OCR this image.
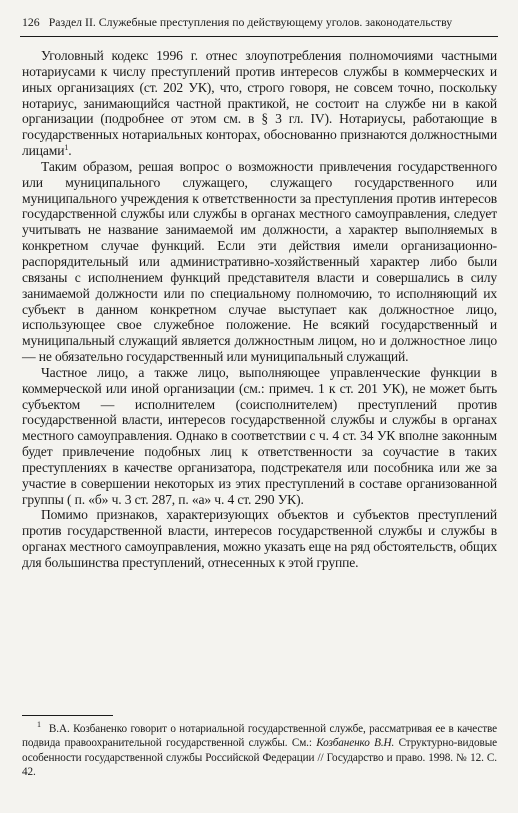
126 Раздел II. Служебные преступления по действующему уголов. законодательству

Уголовный кодекс 1996 г. отнес злоупотребления полномочиями частными нотариусами к числу преступлений против интересов службы в коммерческих и иных организациях (ст. 202 УК), что, строго говоря, не совсем точно, поскольку нотариус, занимающийся частной практикой, не состоит на службе ни в какой организации (подробнее от этом см. в § 3 гл. IV). Нотариусы, работающие в государственных нотариальных конторах, обоснованно признаются должностными лицами$^1$.

Таким образом, решая вопрос о возможности привлечения государственного или муниципального служащего, служащего государственного или муниципального учреждения к ответственности за преступления против интересов государственной службы или службы в органах местного самоуправления, следует учитывать не название занимаемой им должности, а характер выполняемых в конкретном случае функций. Если эти действия имели организационно-распорядительный или административно-хозяйственный характер либо были связаны с исполнением функций представителя власти и совершались в силу занимаемой должности или по специальному полномочию, то исполняющий их субъект в данном конкретном случае выступает как должностное лицо, использующее свое служебное положение. Не всякий государственный и муниципальный служащий является должностным лицом, но и должностное лицо — не обязательно государственный или муниципальный служащий.

Частное лицо, а также лицо, выполняющее управленческие функции в коммерческой или иной организации (см.: примеч. 1 к ст. 201 УК), не может быть субъектом — исполнителем (соисполнителем) преступлений против государственной власти, интересов государственной службы и службы в органах местного самоуправления. Однако в соответствии с ч. 4 ст. 34 УК вполне законным будет привлечение подобных лиц к ответственности за соучастие в таких преступлениях в качестве организатора, подстрекателя или пособника или же за участие в совершении некоторых из этих преступлений в составе организованной группы ( п. «б» ч. 3 ст. 287, п. «а» ч. 4 ст. 290 УК).

Помимо признаков, характеризующих объектов и субъектов преступлений против государственной власти, интересов государственной службы и службы в органах местного самоуправления, можно указать еще на ряд обстоятельств, общих для большинства преступлений, отнесенных к этой группе.

$^1$ В.А. Козбаненко говорит о нотариальной государственной службе, рассматривая ее в качестве подвида правоохранительной государственной службы. См.: Козбаненко В.Н. Структурно-видовые особенности государственной службы Российской Федерации // Государство и право. 1998. № 12. С. 42.
